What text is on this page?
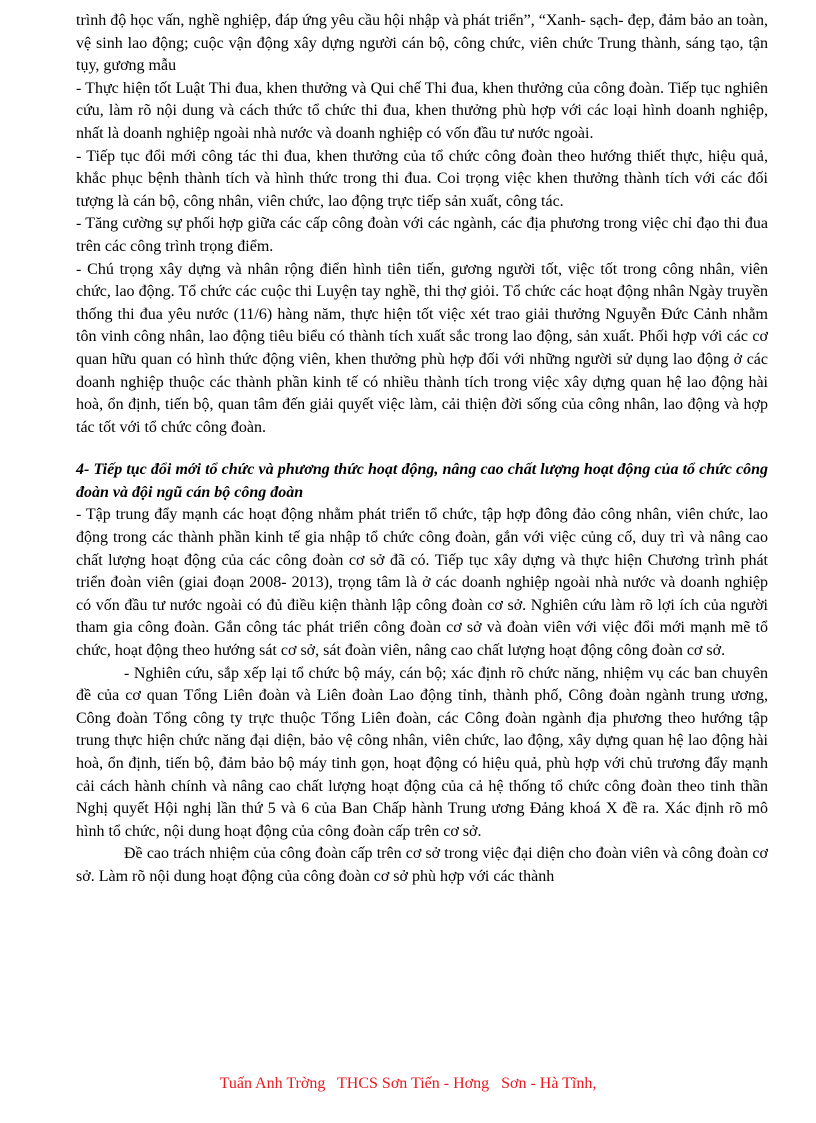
trình độ học vấn, nghề nghiệp, đáp ứng yêu cầu hội nhập và phát triển”, “Xanh- sạch- đẹp, đảm bảo an toàn, vệ sinh lao động; cuộc vận động xây dựng người cán bộ, công chức, viên chức Trung thành, sáng tạo, tận tụy, gương mẫu

- Thực hiện tốt Luật Thi đua, khen thưởng và Qui chế Thi đua, khen thưởng của công đoàn. Tiếp tục nghiên cứu, làm rõ nội dung và cách thức tổ chức thi đua, khen thưởng phù hợp với các loại hình doanh nghiệp, nhất là doanh nghiệp ngoài nhà nước và doanh nghiệp có vốn đầu tư nước ngoài.

- Tiếp tục đổi mới công tác thi đua, khen thưởng của tổ chức công đoàn theo hướng thiết thực, hiệu quả, khắc phục bệnh thành tích và hình thức trong thi đua. Coi trọng việc khen thưởng thành tích với các đối tượng là cán bộ, công nhân, viên chức, lao động trực tiếp sản xuất, công tác.

- Tăng cường sự phối hợp giữa các cấp công đoàn với các ngành, các địa phương trong việc chỉ đạo thi đua trên các công trình trọng điểm.

- Chú trọng xây dựng và nhân rộng điển hình tiên tiến, gương người tốt, việc tốt trong công nhân, viên chức, lao động. Tổ chức các cuộc thi Luyện tay nghề, thi thợ giỏi. Tổ chức các hoạt động nhân Ngày truyền thống thi đua yêu nước (11/6) hàng năm, thực hiện tốt việc xét trao giải thưởng Nguyễn Đức Cảnh nhằm tôn vinh công nhân, lao động tiêu biểu có thành tích xuất sắc trong lao động, sản xuất. Phối hợp với các cơ quan hữu quan có hình thức động viên, khen thưởng phù hợp đối với những người sử dụng lao động ở các doanh nghiệp thuộc các thành phần kinh tế có nhiều thành tích trong việc xây dựng quan hệ lao động hài hoà, ổn định, tiến bộ, quan tâm đến giải quyết việc làm, cải thiện đời sống của công nhân, lao động và hợp tác tốt với tổ chức công đoàn.

4- Tiếp tục đổi mới tổ chức và phương thức hoạt động, nâng cao chất lượng hoạt động của tổ chức công đoàn và đội ngũ cán bộ công đoàn

- Tập trung đẩy mạnh các hoạt động nhằm phát triển tổ chức, tập hợp đông đảo công nhân, viên chức, lao động trong các thành phần kinh tế gia nhập tổ chức công đoàn, gắn với việc củng cố, duy trì và nâng cao chất lượng hoạt động của các công đoàn cơ sở đã có. Tiếp tục xây dựng và thực hiện Chương trình phát triển đoàn viên (giai đoạn 2008- 2013), trọng tâm là ở các doanh nghiệp ngoài nhà nước và doanh nghiệp có vốn đầu tư nước ngoài có đủ điều kiện thành lập công đoàn cơ sở. Nghiên cứu làm rõ lợi ích của người tham gia công đoàn. Gắn công tác phát triển công đoàn cơ sở và đoàn viên với việc đổi mới mạnh mẽ tổ chức, hoạt động theo hướng sát cơ sở, sát đoàn viên, nâng cao chất lượng hoạt động công đoàn cơ sở.

- Nghiên cứu, sắp xếp lại tổ chức bộ máy, cán bộ; xác định rõ chức năng, nhiệm vụ các ban chuyên đề của cơ quan Tổng Liên đoàn và Liên đoàn Lao động tỉnh, thành phố, Công đoàn ngành trung ương, Công đoàn Tổng công ty trực thuộc Tổng Liên đoàn, các Công đoàn ngành địa phương theo hướng tập trung thực hiện chức năng đại diện, bảo vệ công nhân, viên chức, lao động, xây dựng quan hệ lao động hài hoà, ổn định, tiến bộ, đảm bảo bộ máy tinh gọn, hoạt động có hiệu quả, phù hợp với chủ trương đẩy mạnh cải cách hành chính và nâng cao chất lượng hoạt động của cả hệ thống tổ chức công đoàn theo tinh thần Nghị quyết Hội nghị lần thứ 5 và 6 của Ban Chấp hành Trung ương Đảng khoá X đề ra. Xác định rõ mô hình tổ chức, nội dung hoạt động của công đoàn cấp trên cơ sở.

Đề cao trách nhiệm của công đoàn cấp trên cơ sở trong việc đại diện cho đoàn viên và công đoàn cơ sở. Làm rõ nội dung hoạt động của công đoàn cơ sở phù hợp với các thành

Tuấn Anh Trờng   THCS Sơn Tiến - Hơng   Sơn - Hà Tĩnh,
